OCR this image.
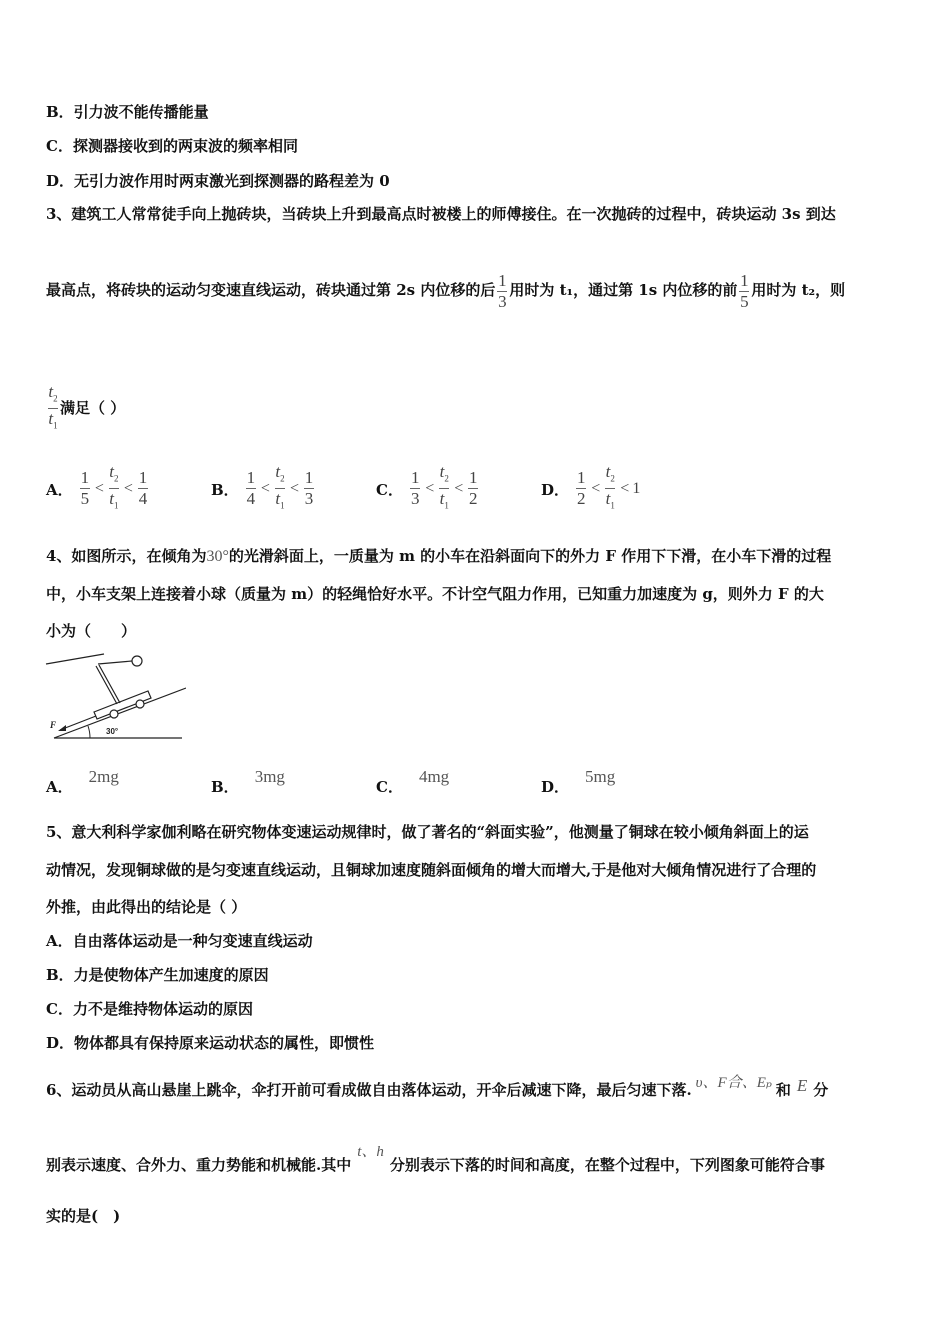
B．引力波不能传播能量
C．探测器接收到的两束波的频率相同
D．无引力波作用时两束激光到探测器的路程差为 0
3、建筑工人常常徒手向上抛砖块，当砖块上升到最高点时被楼上的师傅接住。在一次抛砖的过程中，砖块运动 3s 到达
最高点，将砖块的运动匀变速直线运动，砖块通过第 2s 内位移的后 $\frac{1}{3}$ 用时为 t₁，通过第 1s 内位移的前 $\frac{1}{5}$ 用时为 t₂，则
$\frac{t_2}{t_1}$ 满足（ ）
A． $\frac{1}{5} < \frac{t_2}{t_1} < \frac{1}{4}$	B． $\frac{1}{4} < \frac{t_2}{t_1} < \frac{1}{3}$	C． $\frac{1}{3} < \frac{t_2}{t_1} < \frac{1}{2}$	D． $\frac{1}{2} < \frac{t_2}{t_1} < 1$
4、如图所示，在倾角为30°的光滑斜面上，一质量为 m 的小车在沿斜面向下的外力 F 作用下下滑，在小车下滑的过程
中，小车支架上连接着小球（质量为 m）的轻绳恰好水平。不计空气阻力作用，已知重力加速度为 g，则外力 F 的大
小为（　　）
F
30°
A．2mg
B．3mg
C．4mg
D．5mg
5、意大利科学家伽利略在研究物体变速运动规律时，做了著名的“斜面实验”，他测量了铜球在较小倾角斜面上的运
动情况，发现铜球做的是匀变速直线运动，且铜球加速度随斜面倾角的增大而增大,于是他对大倾角情况进行了合理的
外推，由此得出的结论是（ ）
A．自由落体运动是一种匀变速直线运动
B．力是使物体产生加速度的原因
C．力不是维持物体运动的原因
D．物体都具有保持原来运动状态的属性，即惯性
6、运动员从高山悬崖上跳伞，伞打开前可看成做自由落体运动，开伞后减速下降，最后匀速下落. υ、F合、Eₚ 和 E 分
别表示速度、合外力、重力势能和机械能.其中t、h分别表示下落的时间和高度，在整个过程中，下列图象可能符合事
实的是(　)
